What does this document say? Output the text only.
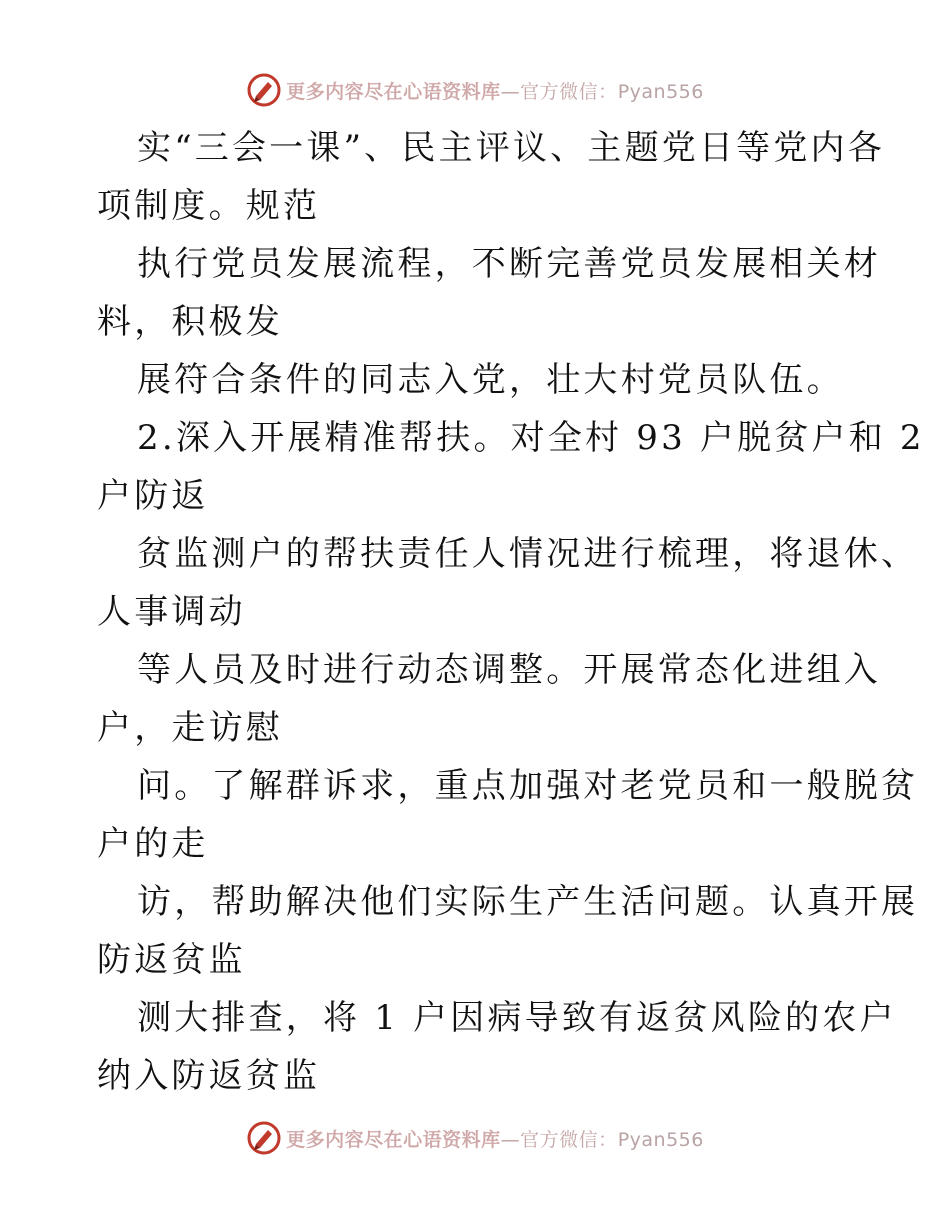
更多内容尽在心语资料库—官方微信：Pyan556
实“三会一课”、民主评议、主题党日等党内各
项制度。规范
执行党员发展流程，不断完善党员发展相关材
料，积极发
展符合条件的同志入党，壮大村党员队伍。
2.深入开展精准帮扶。对全村 93 户脱贫户和 2
户防返
贫监测户的帮扶责任人情况进行梳理，将退休、
人事调动
等人员及时进行动态调整。开展常态化进组入
户，走访慰
问。了解群诉求，重点加强对老党员和一般脱贫
户的走
访，帮助解决他们实际生产生活问题。认真开展
防返贫监
测大排查，将 1 户因病导致有返贫风险的农户
纳入防返贫监
更多内容尽在心语资料库—官方微信：Pyan556
